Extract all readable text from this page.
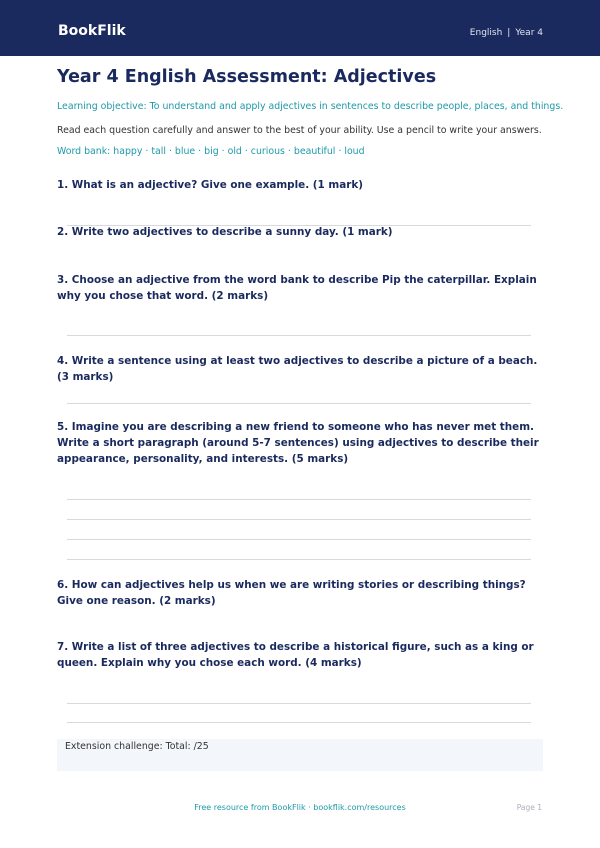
BookFlik	English | Year 4
Year 4 English Assessment: Adjectives
Learning objective: To understand and apply adjectives in sentences to describe people, places, and things.
Read each question carefully and answer to the best of your ability. Use a pencil to write your answers.
Word bank: happy · tall · blue · big · old · curious · beautiful · loud
1. What is an adjective? Give one example. (1 mark)
2. Write two adjectives to describe a sunny day. (1 mark)
3. Choose an adjective from the word bank to describe Pip the caterpillar. Explain why you chose that word. (2 marks)
4. Write a sentence using at least two adjectives to describe a picture of a beach. (3 marks)
5. Imagine you are describing a new friend to someone who has never met them. Write a short paragraph (around 5-7 sentences) using adjectives to describe their appearance, personality, and interests. (5 marks)
6. How can adjectives help us when we are writing stories or describing things? Give one reason. (2 marks)
7. Write a list of three adjectives to describe a historical figure, such as a king or queen. Explain why you chose each word. (4 marks)
Extension challenge: Total: /25
Free resource from BookFlik · bookflik.com/resources	Page 1
